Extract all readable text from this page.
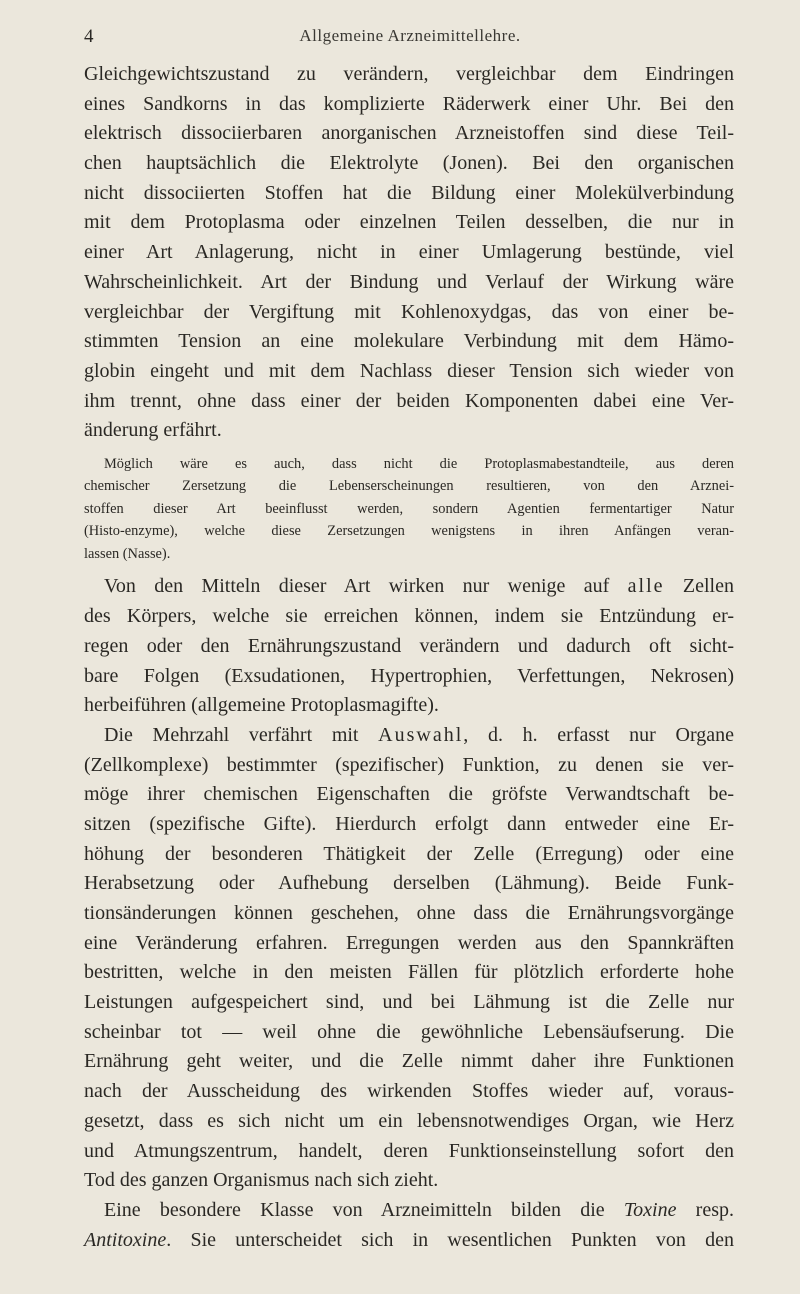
4	Allgemeine Arzneimittellehre.
Gleichgewichtszustand zu verändern, vergleichbar dem Eindringen
eines Sandkorns in das komplizierte Räderwerk einer Uhr. Bei den
elektrisch dissociierbaren anorganischen Arzneistoffen sind diese Teil-
chen hauptsächlich die Elektrolyte (Jonen). Bei den organischen
nicht dissociierten Stoffen hat die Bildung einer Molekülverbindung
mit dem Protoplasma oder einzelnen Teilen desselben, die nur in
einer Art Anlagerung, nicht in einer Umlagerung bestünde, viel
Wahrscheinlichkeit. Art der Bindung und Verlauf der Wirkung wäre
vergleichbar der Vergiftung mit Kohlenoxydgas, das von einer be-
stimmten Tension an eine molekulare Verbindung mit dem Hämo-
globin eingeht und mit dem Nachlass dieser Tension sich wieder von
ihm trennt, ohne dass einer der beiden Komponenten dabei eine Ver-
änderung erfährt.
Möglich wäre es auch, dass nicht die Protoplasmabestandteile, aus deren
chemischer Zersetzung die Lebenserscheinungen resultieren, von den Arznei-
stoffen dieser Art beeinflusst werden, sondern Agentien fermentartiger Natur
(Histo-enzyme), welche diese Zersetzungen wenigstens in ihren Anfängen veran-
lassen (Nasse).
Von den Mitteln dieser Art wirken nur wenige auf alle Zellen
des Körpers, welche sie erreichen können, indem sie Entzündung er-
regen oder den Ernährungszustand verändern und dadurch oft sicht-
bare Folgen (Exsudationen, Hypertrophien, Verfettungen, Nekrosen)
herbeiführen (allgemeine Protoplasmagifte).
Die Mehrzahl verfährt mit Auswahl, d. h. erfasst nur Organe
(Zellkomplexe) bestimmter (spezifischer) Funktion, zu denen sie ver-
möge ihrer chemischen Eigenschaften die gröfste Verwandtschaft be-
sitzen (spezifische Gifte). Hierdurch erfolgt dann entweder eine Er-
höhung der besonderen Thätigkeit der Zelle (Erregung) oder eine
Herabsetzung oder Aufhebung derselben (Lähmung). Beide Funk-
tionsänderungen können geschehen, ohne dass die Ernährungsvorgänge
eine Veränderung erfahren. Erregungen werden aus den Spannkräften
bestritten, welche in den meisten Fällen für plötzlich erforderte hohe
Leistungen aufgespeichert sind, und bei Lähmung ist die Zelle nur
scheinbar tot — weil ohne die gewöhnliche Lebensäufserung. Die
Ernährung geht weiter, und die Zelle nimmt daher ihre Funktionen
nach der Ausscheidung des wirkenden Stoffes wieder auf, voraus-
gesetzt, dass es sich nicht um ein lebensnotwendiges Organ, wie Herz
und Atmungszentrum, handelt, deren Funktionseinstellung sofort den
Tod des ganzen Organismus nach sich zieht.
Eine besondere Klasse von Arzneimitteln bilden die Toxine resp.
Antitoxine. Sie unterscheidet sich in wesentlichen Punkten von den
